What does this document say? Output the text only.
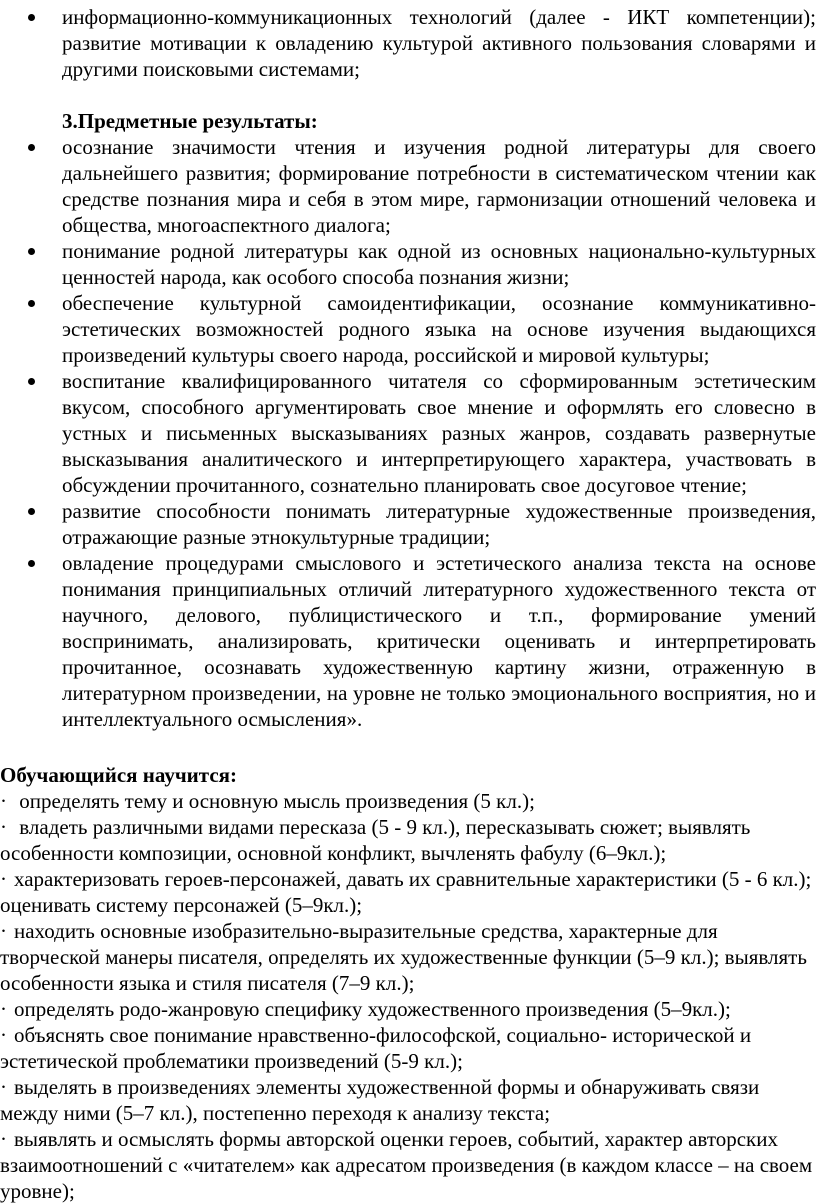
информационно-коммуникационных технологий (далее - ИКТ компетенции); развитие мотивации к овладению культурой активного пользования словарями и другими поисковыми системами;
3.Предметные результаты:
осознание значимости чтения и изучения родной литературы для своего дальнейшего развития; формирование потребности в систематическом чтении как средстве познания мира и себя в этом мире, гармонизации отношений человека и общества, многоаспектного диалога;
понимание родной литературы как одной из основных национально-культурных ценностей народа, как особого способа познания жизни;
обеспечение культурной самоидентификации, осознание коммуникативно-эстетических возможностей родного языка на основе изучения выдающихся произведений культуры своего народа, российской и мировой культуры;
воспитание квалифицированного читателя со сформированным эстетическим вкусом, способного аргументировать свое мнение и оформлять его словесно в устных и письменных высказываниях разных жанров, создавать развернутые высказывания аналитического и интерпретирующего характера, участвовать в обсуждении прочитанного, сознательно планировать свое досуговое чтение;
развитие способности понимать литературные художественные произведения, отражающие разные этнокультурные традиции;
овладение процедурами смыслового и эстетического анализа текста на основе понимания принципиальных отличий литературного художественного текста от научного, делового, публицистического и т.п., формирование умений воспринимать, анализировать, критически оценивать и интерпретировать прочитанное, осознавать художественную картину жизни, отраженную в литературном произведении, на уровне не только эмоционального восприятия, но и интеллектуального осмысления».
Обучающийся научится:
· определять тему и основную мысль произведения (5 кл.);
· владеть различными видами пересказа (5 - 9 кл.), пересказывать сюжет; выявлять особенности композиции, основной конфликт, вычленять фабулу (6–9кл.);
· характеризовать героев-персонажей, давать их сравнительные характеристики (5 - 6 кл.); оценивать систему персонажей (5–9кл.);
· находить основные изобразительно-выразительные средства, характерные для творческой манеры писателя, определять их художественные функции (5–9 кл.); выявлять особенности языка и стиля писателя (7–9 кл.);
· определять родо-жанровую специфику художественного произведения (5–9кл.);
· объяснять свое понимание нравственно-философской, социально- исторической и эстетической проблематики произведений (5-9 кл.);
· выделять в произведениях элементы художественной формы и обнаруживать связи между ними (5–7 кл.), постепенно переходя к анализу текста;
· выявлять и осмыслять формы авторской оценки героев, событий, характер авторских взаимоотношений с «читателем» как адресатом произведения (в каждом классе – на своем уровне);
